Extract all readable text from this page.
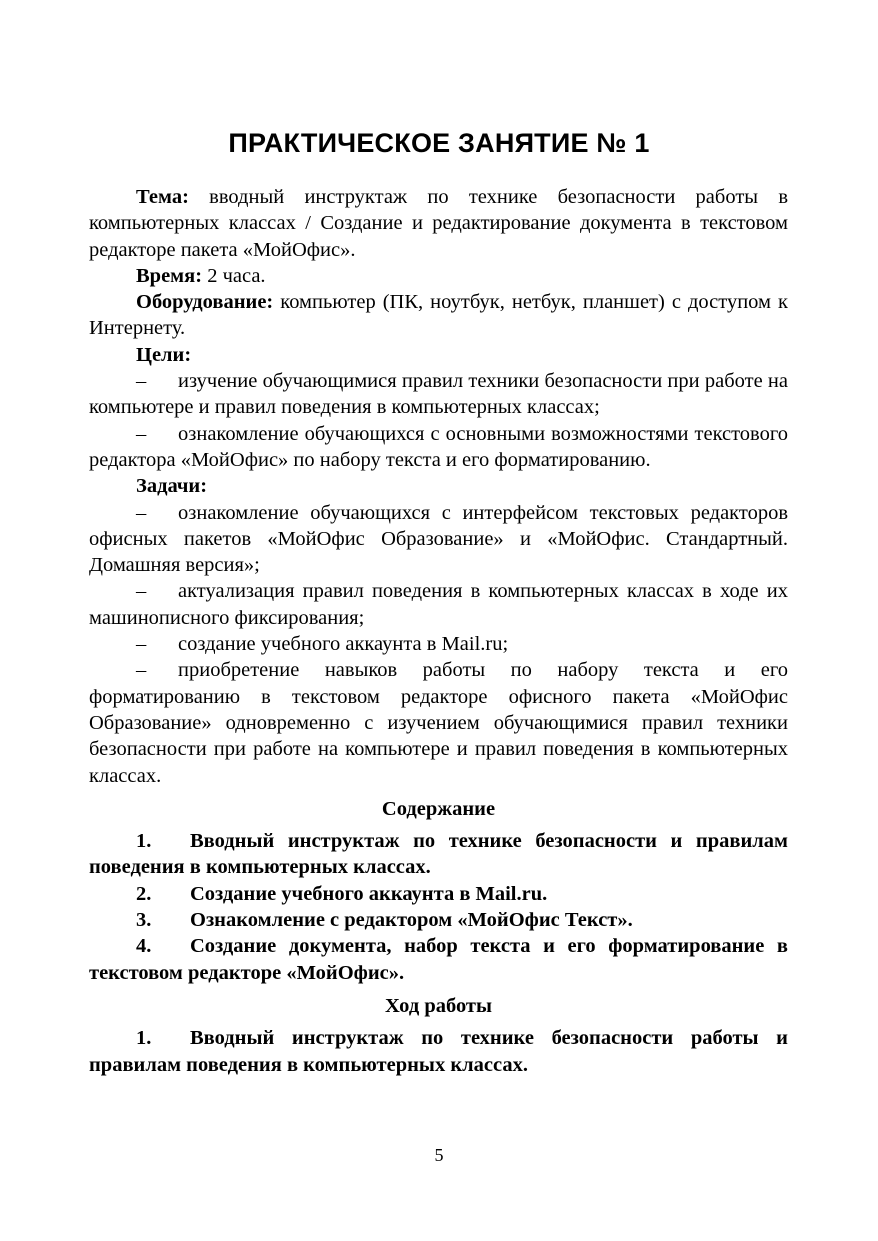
ПРАКТИЧЕСКОЕ ЗАНЯТИЕ № 1

Тема: вводный инструктаж по технике безопасности работы в компьютерных классах / Создание и редактирование документа в текстовом редакторе пакета «МойОфис».

Время: 2 часа.

Оборудование: компьютер (ПК, ноутбук, нетбук, планшет) с доступом к Интернету.

Цели:

– изучение обучающимися правил техники безопасности при работе на компьютере и правил поведения в компьютерных классах;

– ознакомление обучающихся с основными возможностями текстового редактора «МойОфис» по набору текста и его форматированию.

Задачи:

– ознакомление обучающихся с интерфейсом текстовых редакторов офисных пакетов «МойОфис Образование» и «МойОфис. Стандартный. Домашняя версия»;

– актуализация правил поведения в компьютерных классах в ходе их машинописного фиксирования;

– создание учебного аккаунта в Mail.ru;

– приобретение навыков работы по набору текста и его форматированию в текстовом редакторе офисного пакета «МойОфис Образование» одновременно с изучением обучающимися правил техники безопасности при работе на компьютере и правил поведения в компьютерных классах.

Содержание

1. Вводный инструктаж по технике безопасности и правилам поведения в компьютерных классах.

2. Создание учебного аккаунта в Mail.ru.

3. Ознакомление с редактором «МойОфис Текст».

4. Создание документа, набор текста и его форматирование в текстовом редакторе «МойОфис».

Ход работы

1. Вводный инструктаж по технике безопасности работы и правилам поведения в компьютерных классах.

5
